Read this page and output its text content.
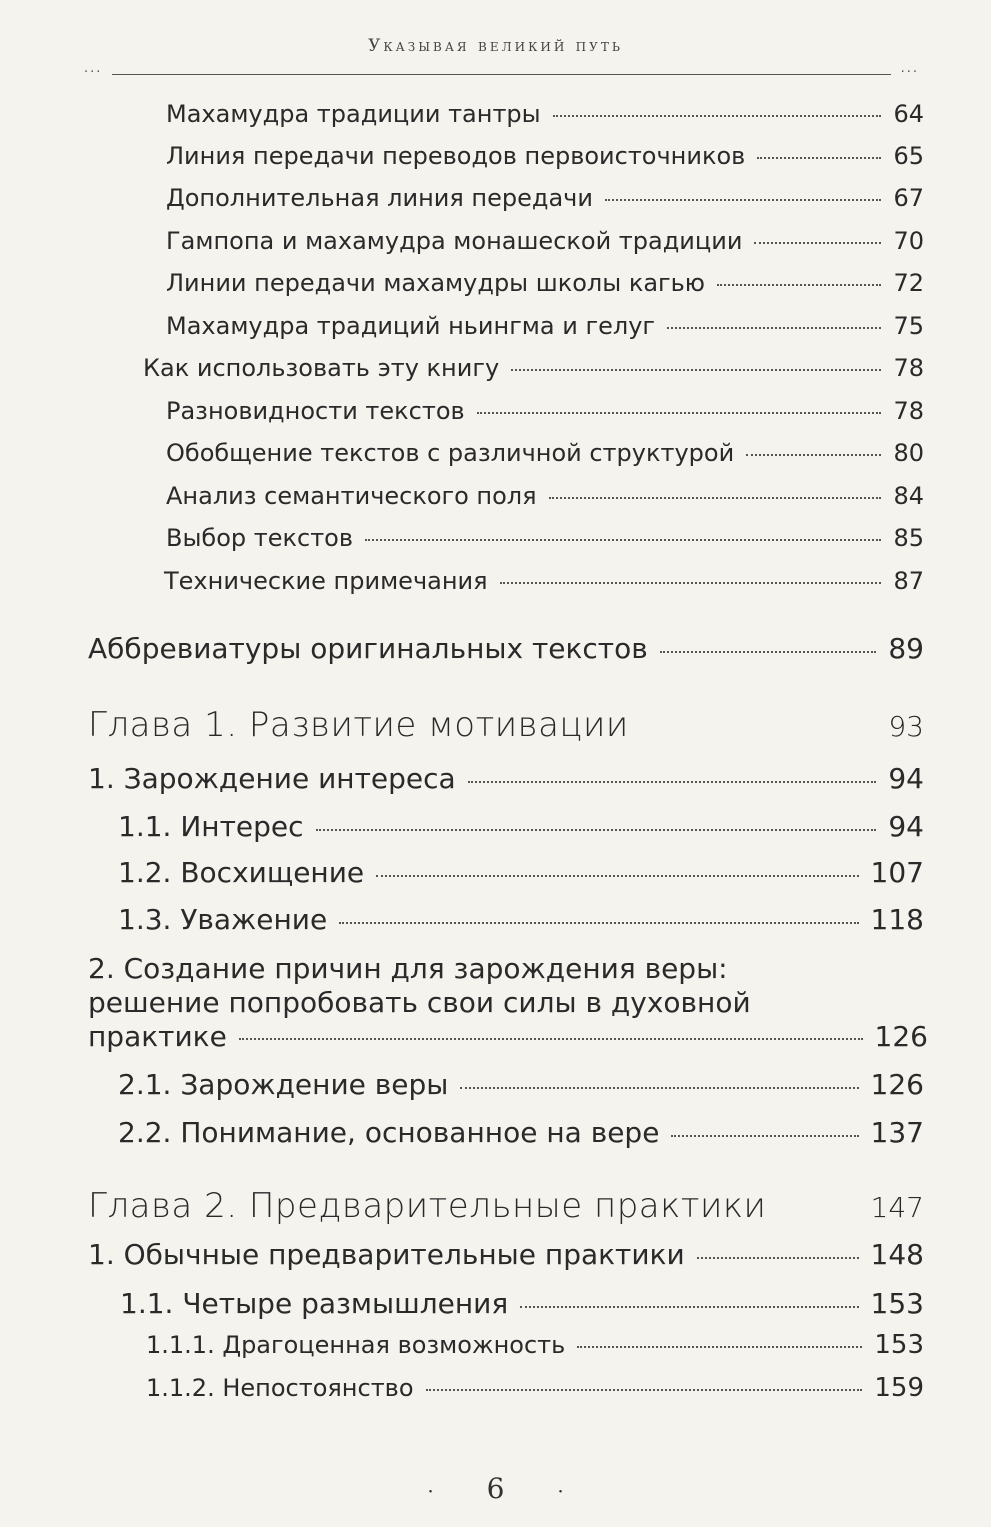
Указывая великий путь
···	···
Махамудра традиции тантры	64
Линия передачи переводов первоисточников	65
Дополнительная линия передачи	67
Гампопа и махамудра монашеской традиции	70
Линии передачи махамудры школы кагью	72
Махамудра традиций ньингма и гелуг	75
Как использовать эту книгу	78
Разновидности текстов	78
Обобщение текстов с различной структурой	80
Анализ семантического поля	84
Выбор текстов	85
Технические примечания	87
Аббревиатуры оригинальных текстов	89
Глава 1. Развитие мотивации	93
1. Зарождение интереса	94
1.1. Интерес	94
1.2. Восхищение	107
1.3. Уважение	118
2. Создание причин для зарождения веры:
решение попробовать свои силы в духовной
практике	126
2.1. Зарождение веры	126
2.2. Понимание, основанное на вере	137
Глава 2. Предварительные практики	147
1. Обычные предварительные практики	148
1.1. Четыре размышления	153
1.1.1. Драгоценная возможность	153
1.1.2. Непостоянство	159
· 6	·
